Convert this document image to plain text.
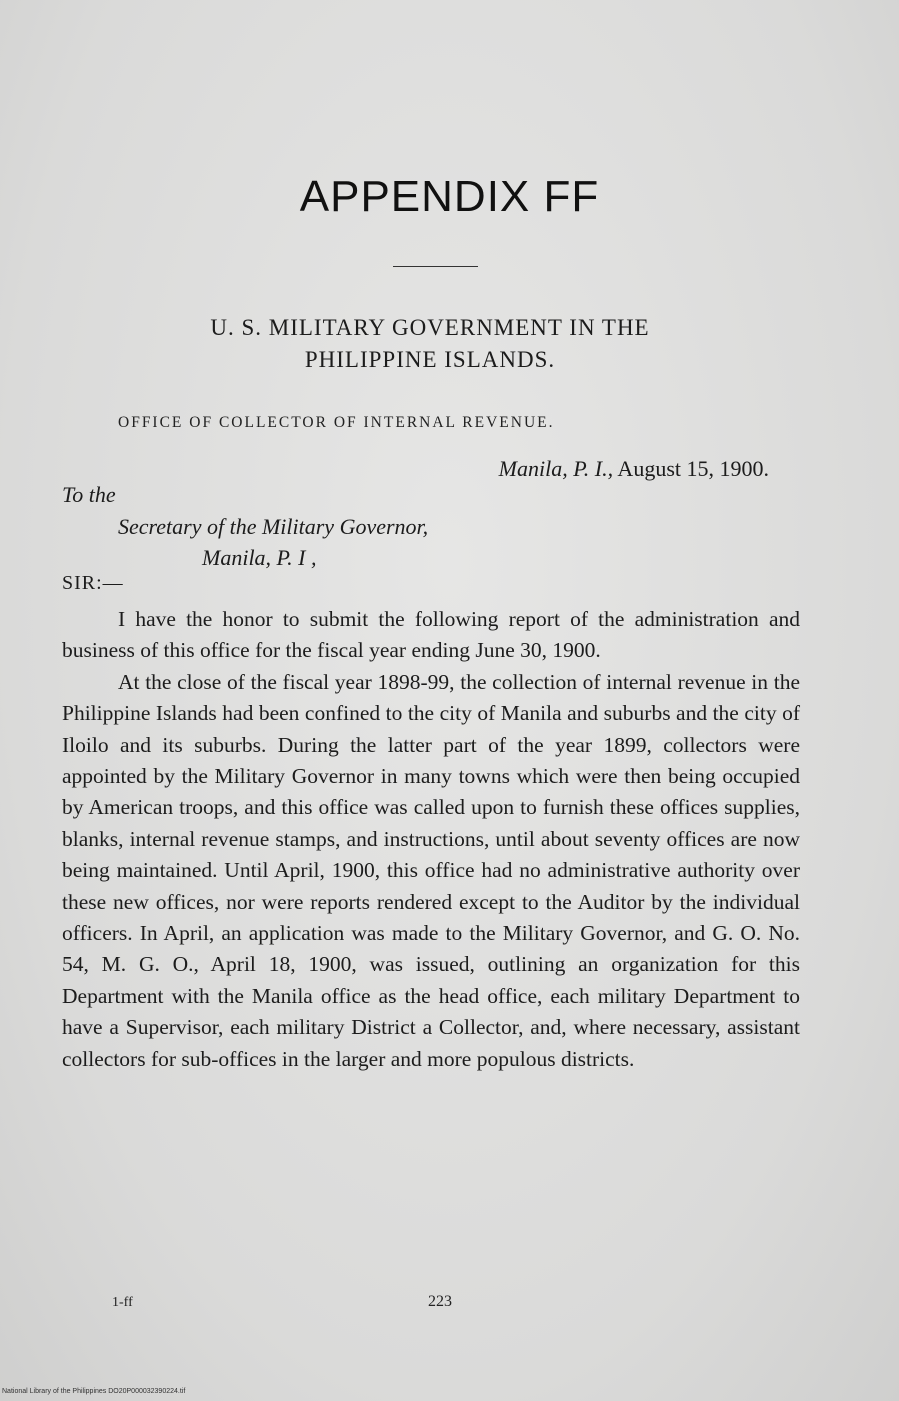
APPENDIX FF
U. S. MILITARY GOVERNMENT IN THE
PHILIPPINE ISLANDS.
OFFICE OF COLLECTOR OF INTERNAL REVENUE.
Manila, P. I., August 15, 1900.
To the
Secretary of the Military Governor,
Manila, P. I ,
SIR:—

I have the honor to submit the following report of the administration and business of this office for the fiscal year ending June 30, 1900.

At the close of the fiscal year 1898-99, the collection of internal revenue in the Philippine Islands had been confined to the city of Manila and suburbs and the city of Iloilo and its suburbs. During the latter part of the year 1899, collectors were appointed by the Military Governor in many towns which were then being occupied by American troops, and this office was called upon to furnish these offices supplies, blanks, internal revenue stamps, and instructions, until about seventy offices are now being maintained. Until April, 1900, this office had no administrative authority over these new offices, nor were reports rendered except to the Auditor by the individual officers. In April, an application was made to the Military Governor, and G. O. No. 54, M. G. O., April 18, 1900, was issued, outlining an organization for this Department with the Manila office as the head office, each military Department to have a Supervisor, each military District a Collector, and, where necessary, assistant collectors for sub-offices in the larger and more populous districts.

1-ff	223
National Library of the Philippines DO20P000032390224.tif
